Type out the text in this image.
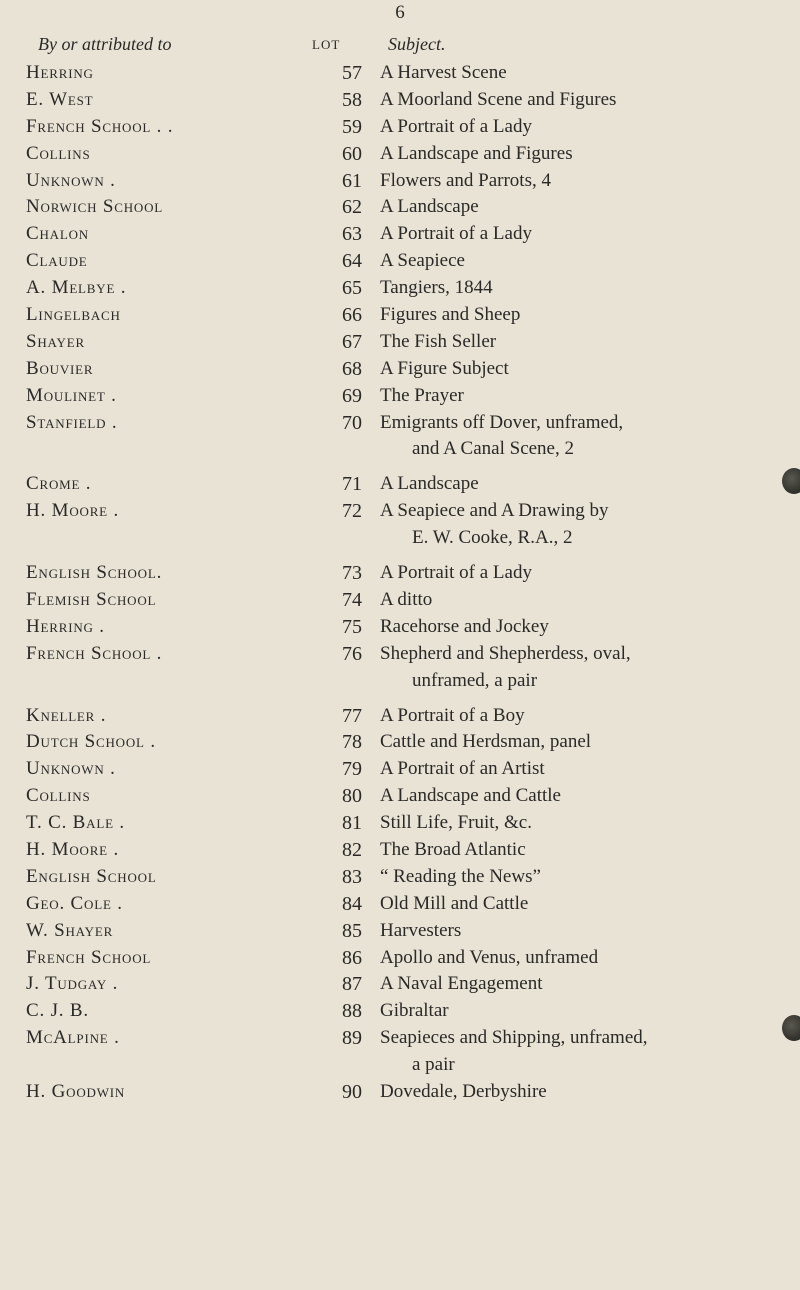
6
By or attributed to	LOT	Subject.
Herring	57 A Harvest Scene
E. West	58 A Moorland Scene and Figures
French School . .	59 A Portrait of a Lady
Collins	60 A Landscape and Figures
Unknown .	61 Flowers and Parrots, 4
Norwich School	62 A Landscape
Chalon	63 A Portrait of a Lady
Claude	64 A Seapiece
A. Melbye .	65 Tangiers, 1844
Lingelbach	66 Figures and Sheep
Shayer	67 The Fish Seller
Bouvier	68 A Figure Subject
Moulinet .	69 The Prayer
Stanfield .	70 Emigrants off Dover, unframed,
and A Canal Scene, 2
Crome .	71 A Landscape
H. Moore .	72 A Seapiece and A Drawing by
E. W. Cooke, R.A., 2
English School.	73 A Portrait of a Lady
Flemish School	74 A ditto
Herring .	75 Racehorse and Jockey
French School .	76 Shepherd and Shepherdess, oval,
unframed, a pair
Kneller .	77 A Portrait of a Boy
Dutch School .	78 Cattle and Herdsman, panel
Unknown .	79 A Portrait of an Artist
Collins	80 A Landscape and Cattle
T. C. Bale .	81 Still Life, Fruit, &c.
H. Moore .	82 The Broad Atlantic
English School	83 “ Reading the News”
Geo. Cole .	84 Old Mill and Cattle
W. Shayer	85 Harvesters
French School	86 Apollo and Venus, unframed
J. Tudgay .	87 A Naval Engagement
C. J. B.	88 Gibraltar
McAlpine .	89 Seapieces and Shipping, unframed,
a pair
H. Goodwin	90 Dovedale, Derbyshire
